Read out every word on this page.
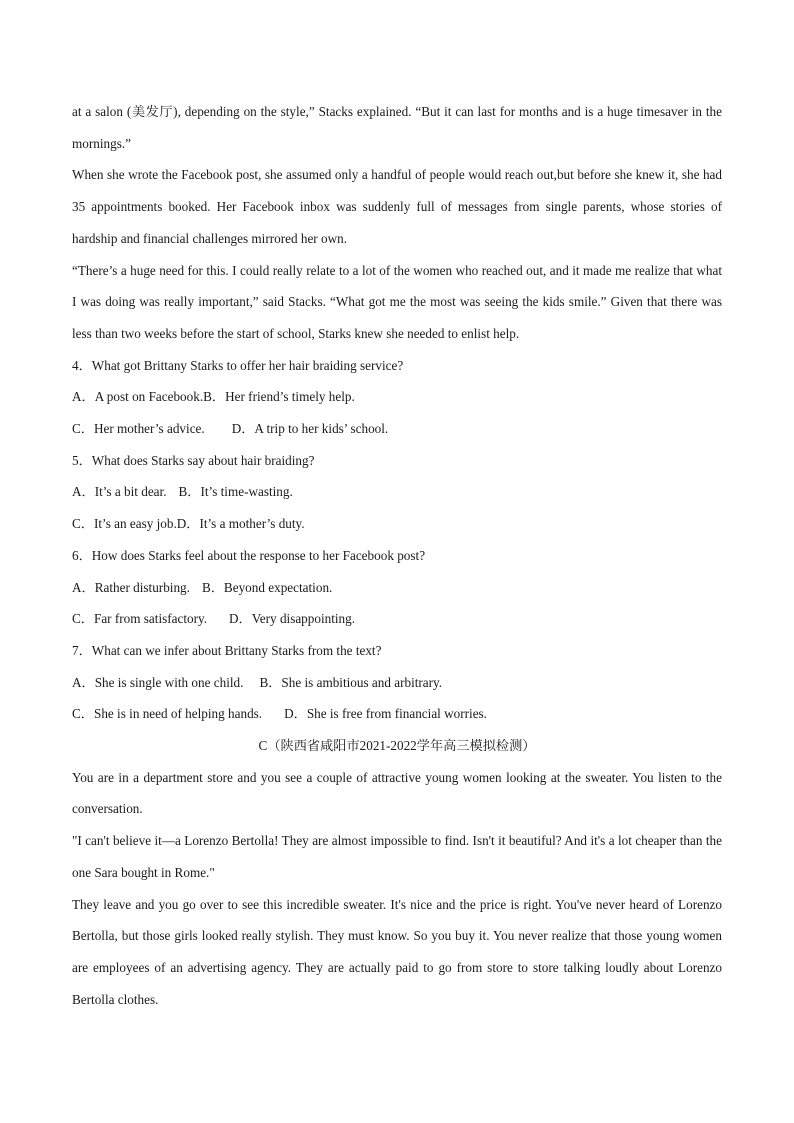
at a salon (美发厅), depending on the style,” Stacks explained. “But it can last for months and is a huge timesaver in the mornings.”

When she wrote the Facebook post, she assumed only a handful of people would reach out,but before she knew it, she had 35 appointments booked. Her Facebook inbox was suddenly full of messages from single parents, whose stories of hardship and financial challenges mirrored her own.

“There’s a huge need for this. I could really relate to a lot of the women who reached out, and it made me realize that what I was doing was really important,” said Stacks. “What got me the most was seeing the kids smile.” Given that there was less than two weeks before the start of school, Starks knew she needed to enlist help.

4．What got Brittany Starks to offer her hair braiding service?

A．A post on Facebook.B．Her friend’s timely help.
C．Her mother’s advice. D．A trip to her kids’ school.

5．What does Starks say about hair braiding?

A．It’s a bit dear. B．It’s time-wasting.
C．It’s an easy job.D．It’s a mother’s duty.

6．How does Starks feel about the response to her Facebook post?

A．Rather disturbing. B．Beyond expectation.
C．Far from satisfactory. D．Very disappointing.

7．What can we infer about Brittany Starks from the text?

A．She is single with one child. B．She is ambitious and arbitrary.
C．She is in need of helping hands. D．She is free from financial worries.

C（陕西省咸阳市2021-2022学年高三模拟检测）

You are in a department store and you see a couple of attractive young women looking at the sweater. You listen to the conversation.

"I can't believe it—a Lorenzo Bertolla! They are almost impossible to find. Isn't it beautiful? And it's a lot cheaper than the one Sara bought in Rome."

They leave and you go over to see this incredible sweater. It's nice and the price is right. You've never heard of Lorenzo Bertolla, but those girls looked really stylish. They must know. So you buy it. You never realize that those young women are employees of an advertising agency. They are actually paid to go from store to store talking loudly about Lorenzo Bertolla clothes.
